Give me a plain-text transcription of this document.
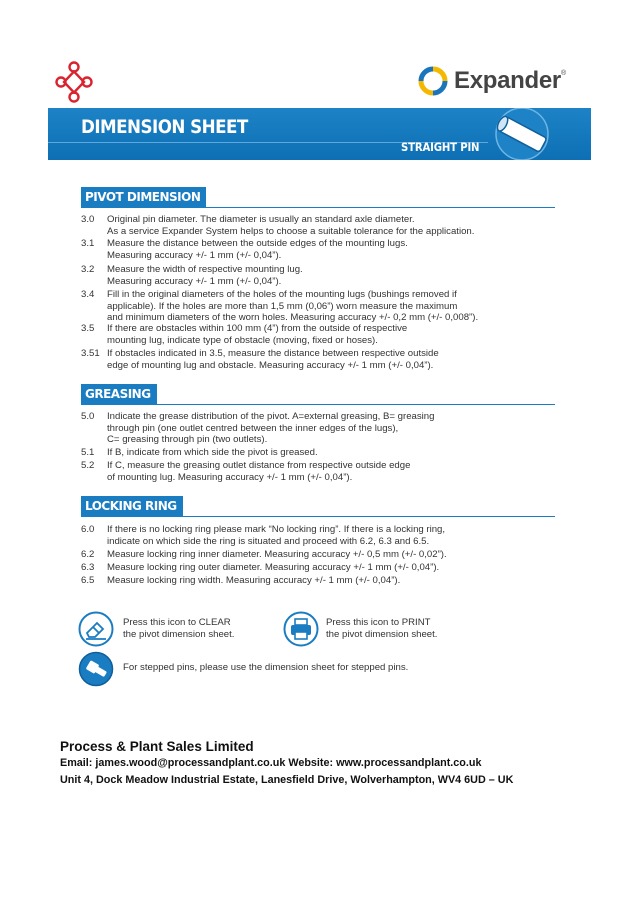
Expander ®
DIMENSION SHEET
STRAIGHT PIN
PIVOT DIMENSION
3.0	Original pin diameter. The diameter is usually an standard axle diameter.
As a service Expander System helps to choose a suitable tolerance for the application.
3.1	Measure the distance between the outside edges of the mounting lugs.
Measuring accuracy +/- 1 mm (+/- 0,04”).
3.2	Measure the width of respective mounting lug.
Measuring accuracy +/- 1 mm (+/- 0,04”).
3.4	Fill in the original diameters of the holes of the mounting lugs (bushings removed if
applicable). If the holes are more than 1,5 mm (0,06”) worn measure the maximum
and minimum diameters of the worn holes. Measuring accuracy +/- 0,2 mm (+/- 0,008”).
3.5	If there are obstacles within 100 mm (4”) from the outside of respective
mounting lug, indicate type of obstacle (moving, fixed or hoses).
3.51 If obstacles indicated in 3.5, measure the distance between respective outside
edge of mounting lug and obstacle. Measuring accuracy +/- 1 mm (+/- 0,04”).
GREASING
5.0	Indicate the grease distribution of the pivot. A=external greasing, B= greasing
through pin (one outlet centred between the inner edges of the lugs),
C= greasing through pin (two outlets).
5.1	If B, indicate from which side the pivot is greased.
5.2	If C, measure the greasing outlet distance from respective outside edge
of mounting lug. Measuring accuracy +/- 1 mm (+/- 0,04”).
LOCKING RING
6.0	If there is no locking ring please mark “No locking ring”. If there is a locking ring,
indicate on which side the ring is situated and proceed with 6.2, 6.3 and 6.5.
6.2	Measure locking ring inner diameter. Measuring accuracy +/- 0,5 mm (+/- 0,02”).
6.3	Measure locking ring outer diameter. Measuring accuracy +/- 1 mm (+/- 0,04”).
6.5	Measure locking ring width. Measuring accuracy +/- 1 mm (+/- 0,04”).
Press this icon to CLEAR
the pivot dimension sheet.
Press this icon to PRINT
the pivot dimension sheet.
For stepped pins, please use the dimension sheet for stepped pins.
Process & Plant Sales Limited
Email: james.wood@processandplant.co.uk Website: www.processandplant.co.uk
Unit 4, Dock Meadow Industrial Estate, Lanesfield Drive, Wolverhampton, WV4 6UD – UK
